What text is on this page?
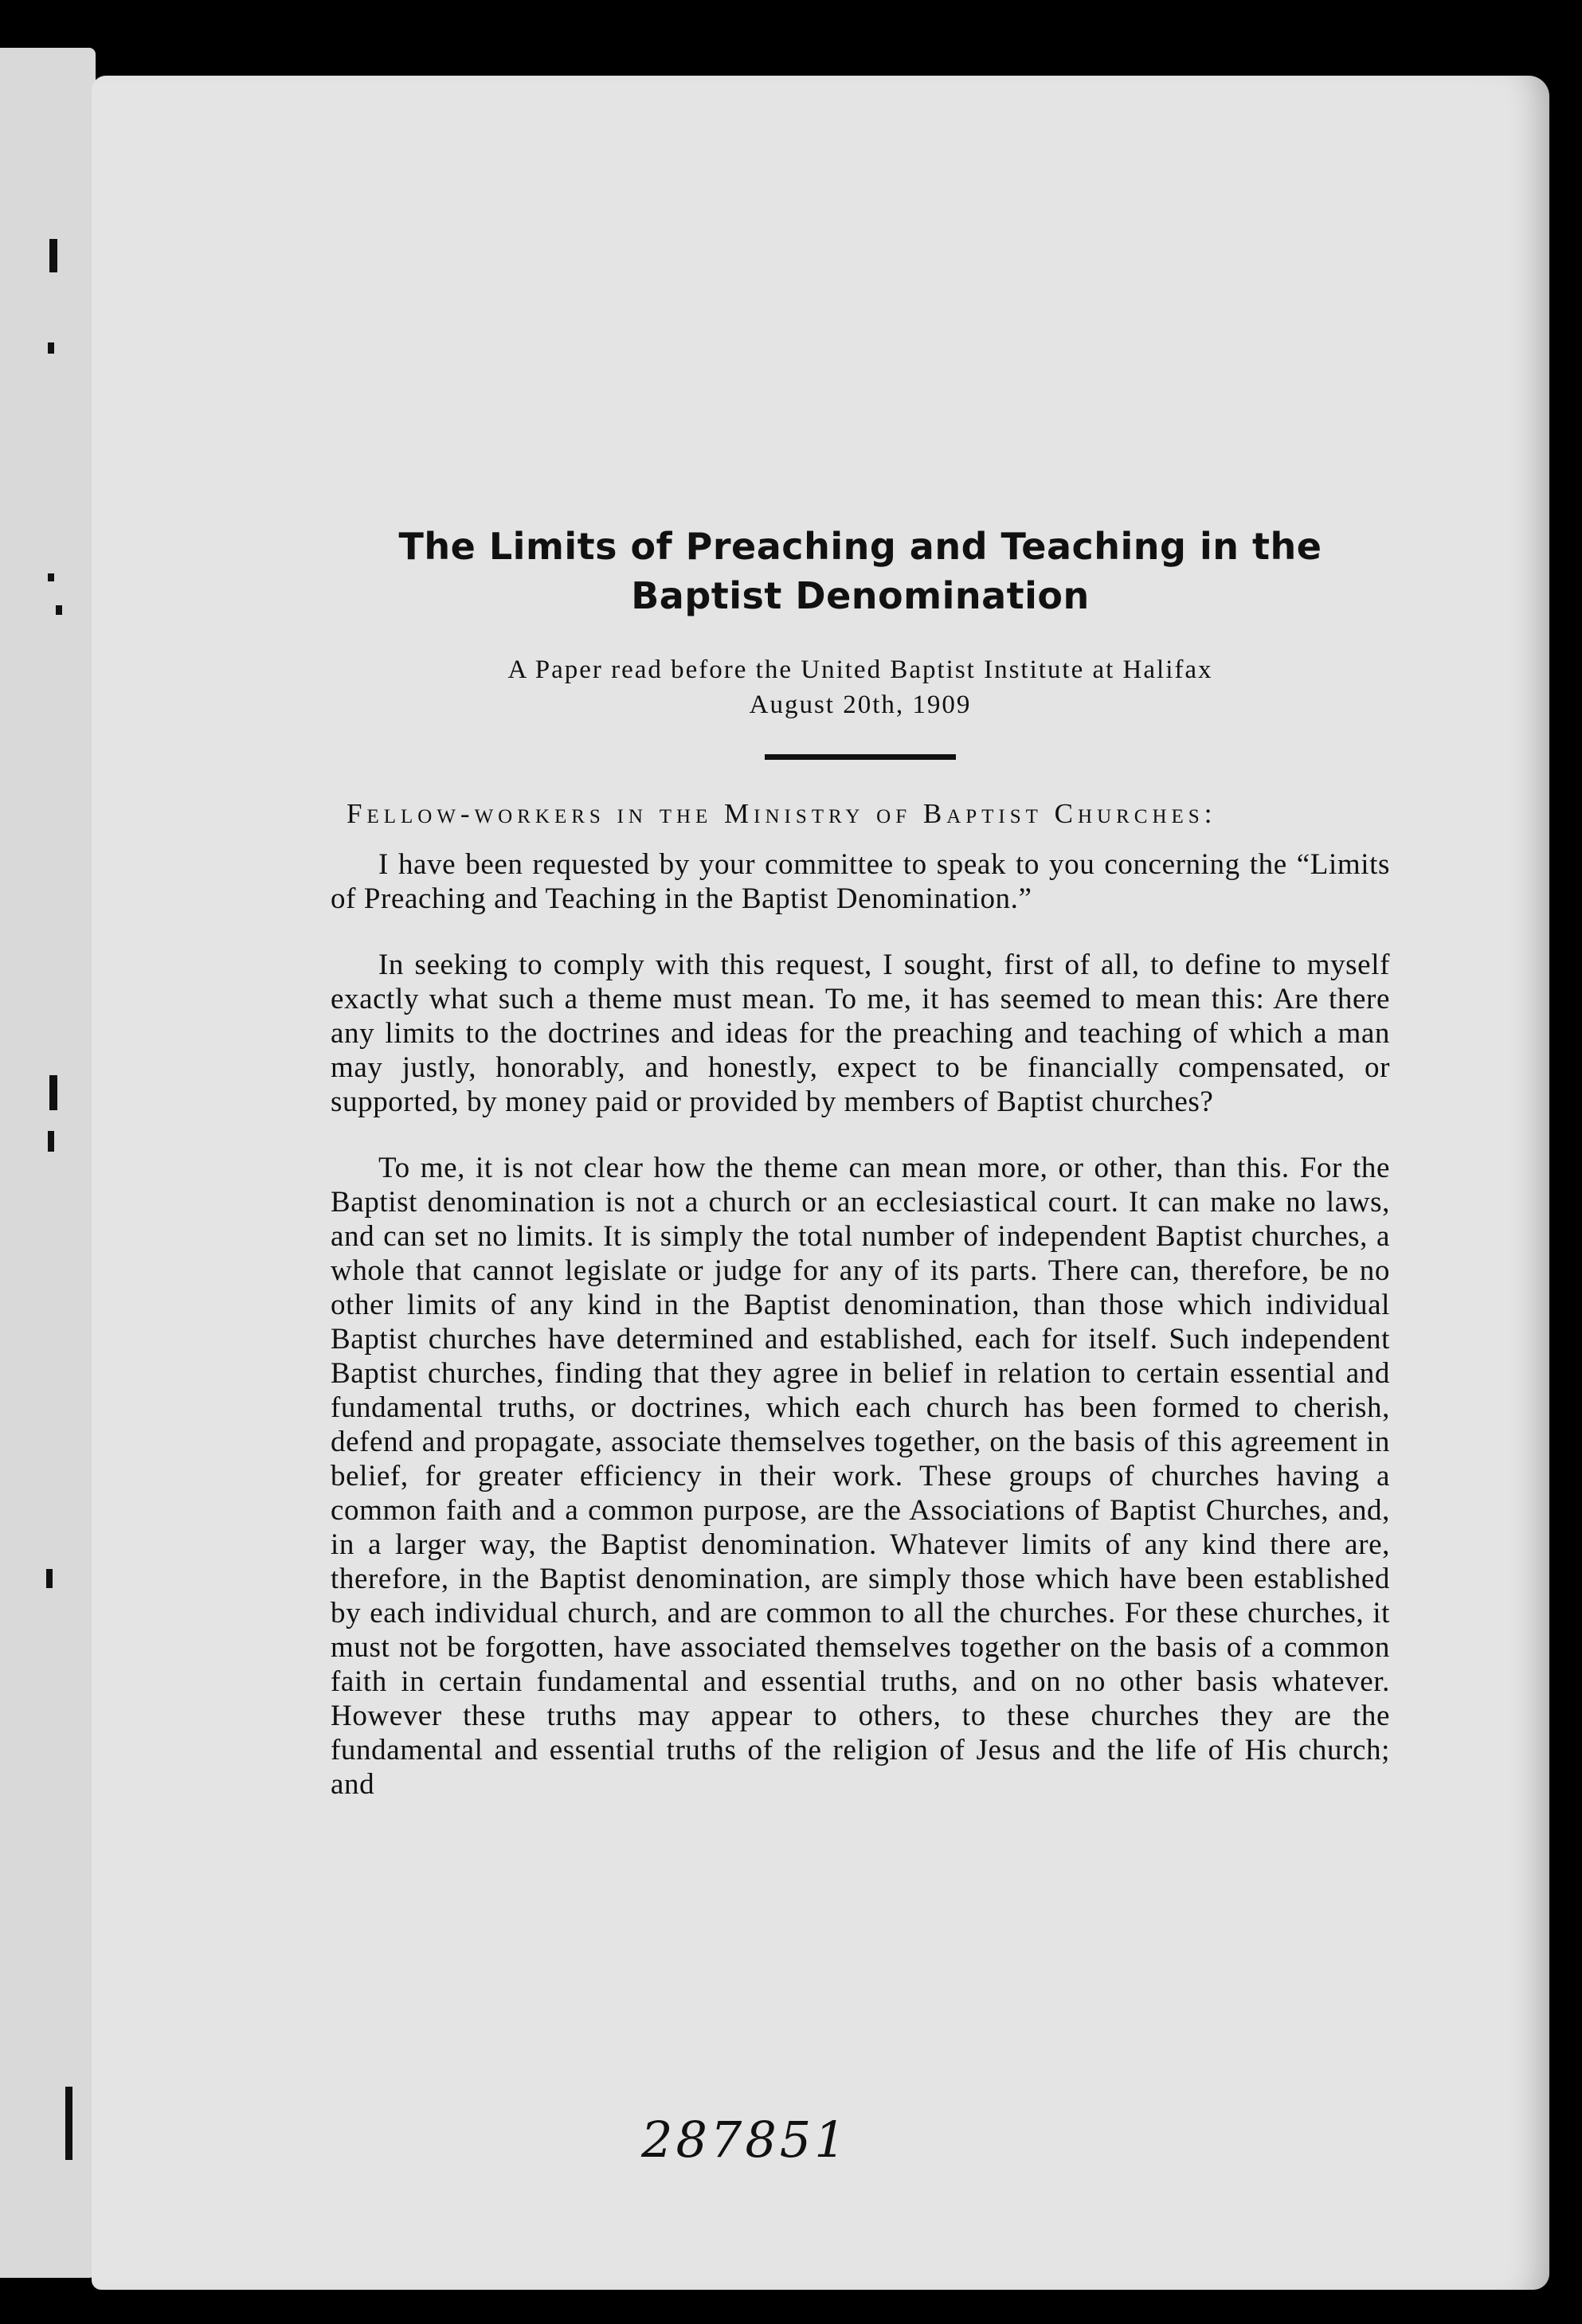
The Limits of Preaching and Teaching in the Baptist Denomination
A Paper read before the United Baptist Institute at Halifax
August 20th, 1909
Fellow-workers in the Ministry of Baptist Churches:

I have been requested by your committee to speak to you concerning the “Limits of Preaching and Teaching in the Baptist Denomination.”

In seeking to comply with this request, I sought, first of all, to define to myself exactly what such a theme must mean. To me, it has seemed to mean this: Are there any limits to the doctrines and ideas for the preaching and teaching of which a man may justly, honorably, and honestly, expect to be financially compensated, or supported, by money paid or provided by members of Baptist churches?

To me, it is not clear how the theme can mean more, or other, than this. For the Baptist denomination is not a church or an ecclesiastical court. It can make no laws, and can set no limits. It is simply the total number of independent Baptist churches, a whole that cannot legislate or judge for any of its parts. There can, therefore, be no other limits of any kind in the Baptist denomination, than those which individual Baptist churches have determined and established, each for itself. Such independent Baptist churches, finding that they agree in belief in relation to certain essential and fundamental truths, or doctrines, which each church has been formed to cherish, defend and propagate, associate themselves together, on the basis of this agreement in belief, for greater efficiency in their work. These groups of churches having a common faith and a common purpose, are the Associations of Baptist Churches, and, in a larger way, the Baptist denomination. Whatever limits of any kind there are, therefore, in the Baptist denomination, are simply those which have been established by each individual church, and are common to all the churches. For these churches, it must not be forgotten, have associated themselves together on the basis of a common faith in certain fundamental and essential truths, and on no other basis whatever. However these truths may appear to others, to these churches they are the fundamental and essential truths of the religion of Jesus and the life of His church; and

287851
